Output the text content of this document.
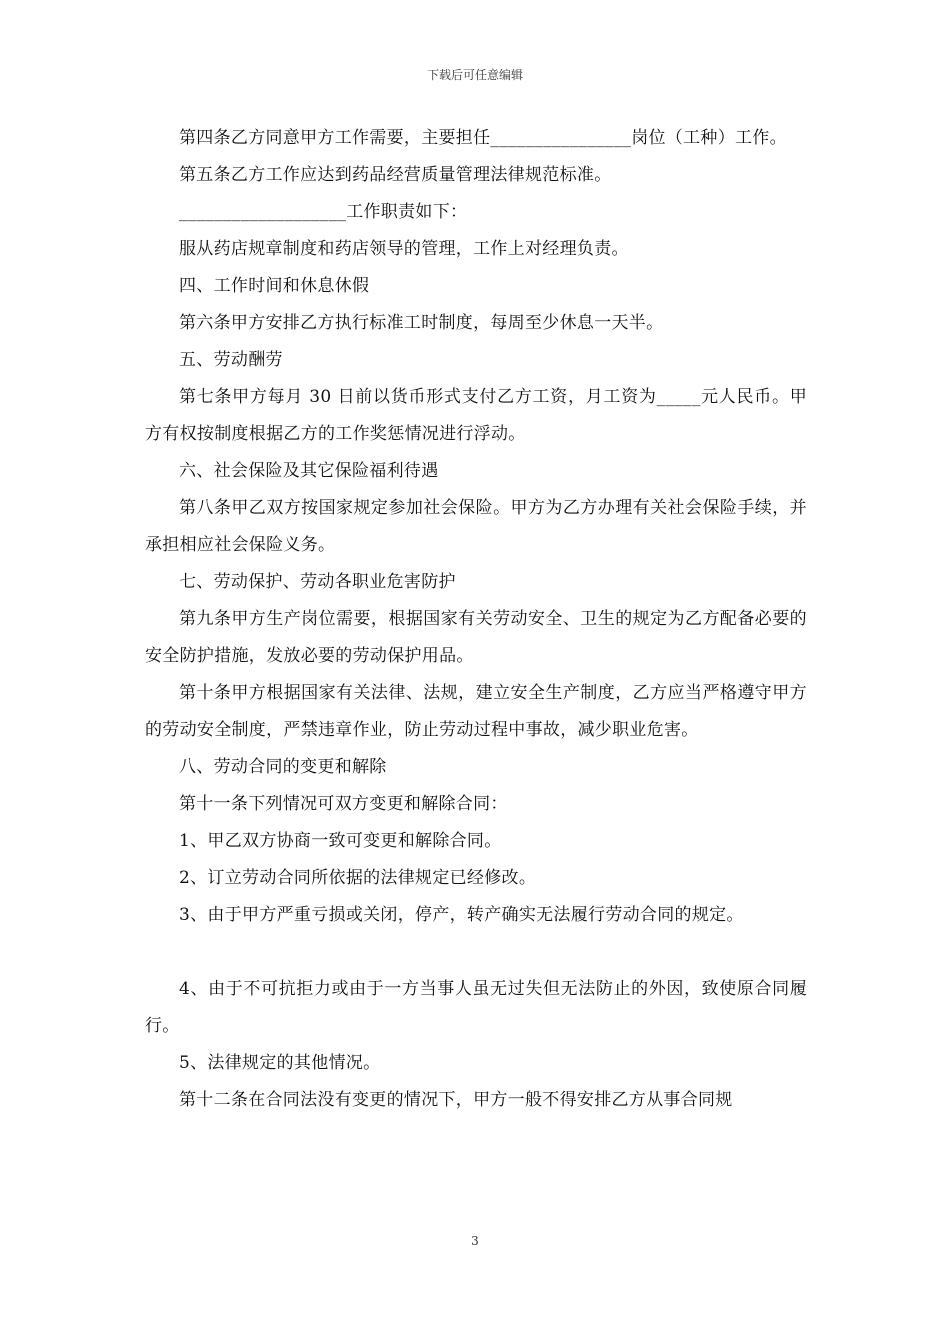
下载后可任意编辑

第四条乙方同意甲方工作需要，主要担任________________岗位（工种）工作。

第五条乙方工作应达到药品经营质量管理法律规范标准。

___________________工作职责如下：

服从药店规章制度和药店领导的管理，工作上对经理负责。

四、工作时间和休息休假

第六条甲方安排乙方执行标准工时制度，每周至少休息一天半。

五、劳动酬劳

第七条甲方每月 30 日前以货币形式支付乙方工资，月工资为_____元人民币。甲方有权按制度根据乙方的工作奖惩情况进行浮动。

六、社会保险及其它保险福利待遇

第八条甲乙双方按国家规定参加社会保险。甲方为乙方办理有关社会保险手续，并承担相应社会保险义务。

七、劳动保护、劳动各职业危害防护

第九条甲方生产岗位需要，根据国家有关劳动安全、卫生的规定为乙方配备必要的安全防护措施，发放必要的劳动保护用品。

第十条甲方根据国家有关法律、法规，建立安全生产制度，乙方应当严格遵守甲方的劳动安全制度，严禁违章作业，防止劳动过程中事故，减少职业危害。

八、劳动合同的变更和解除

第十一条下列情况可双方变更和解除合同：

1、甲乙双方协商一致可变更和解除合同。

2、订立劳动合同所依据的法律规定已经修改。

3、由于甲方严重亏损或关闭，停产，转产确实无法履行劳动合同的规定。

4、由于不可抗拒力或由于一方当事人虽无过失但无法防止的外因，致使原合同履行。

5、法律规定的其他情况。

第十二条在合同法没有变更的情况下，甲方一般不得安排乙方从事合同规

3
